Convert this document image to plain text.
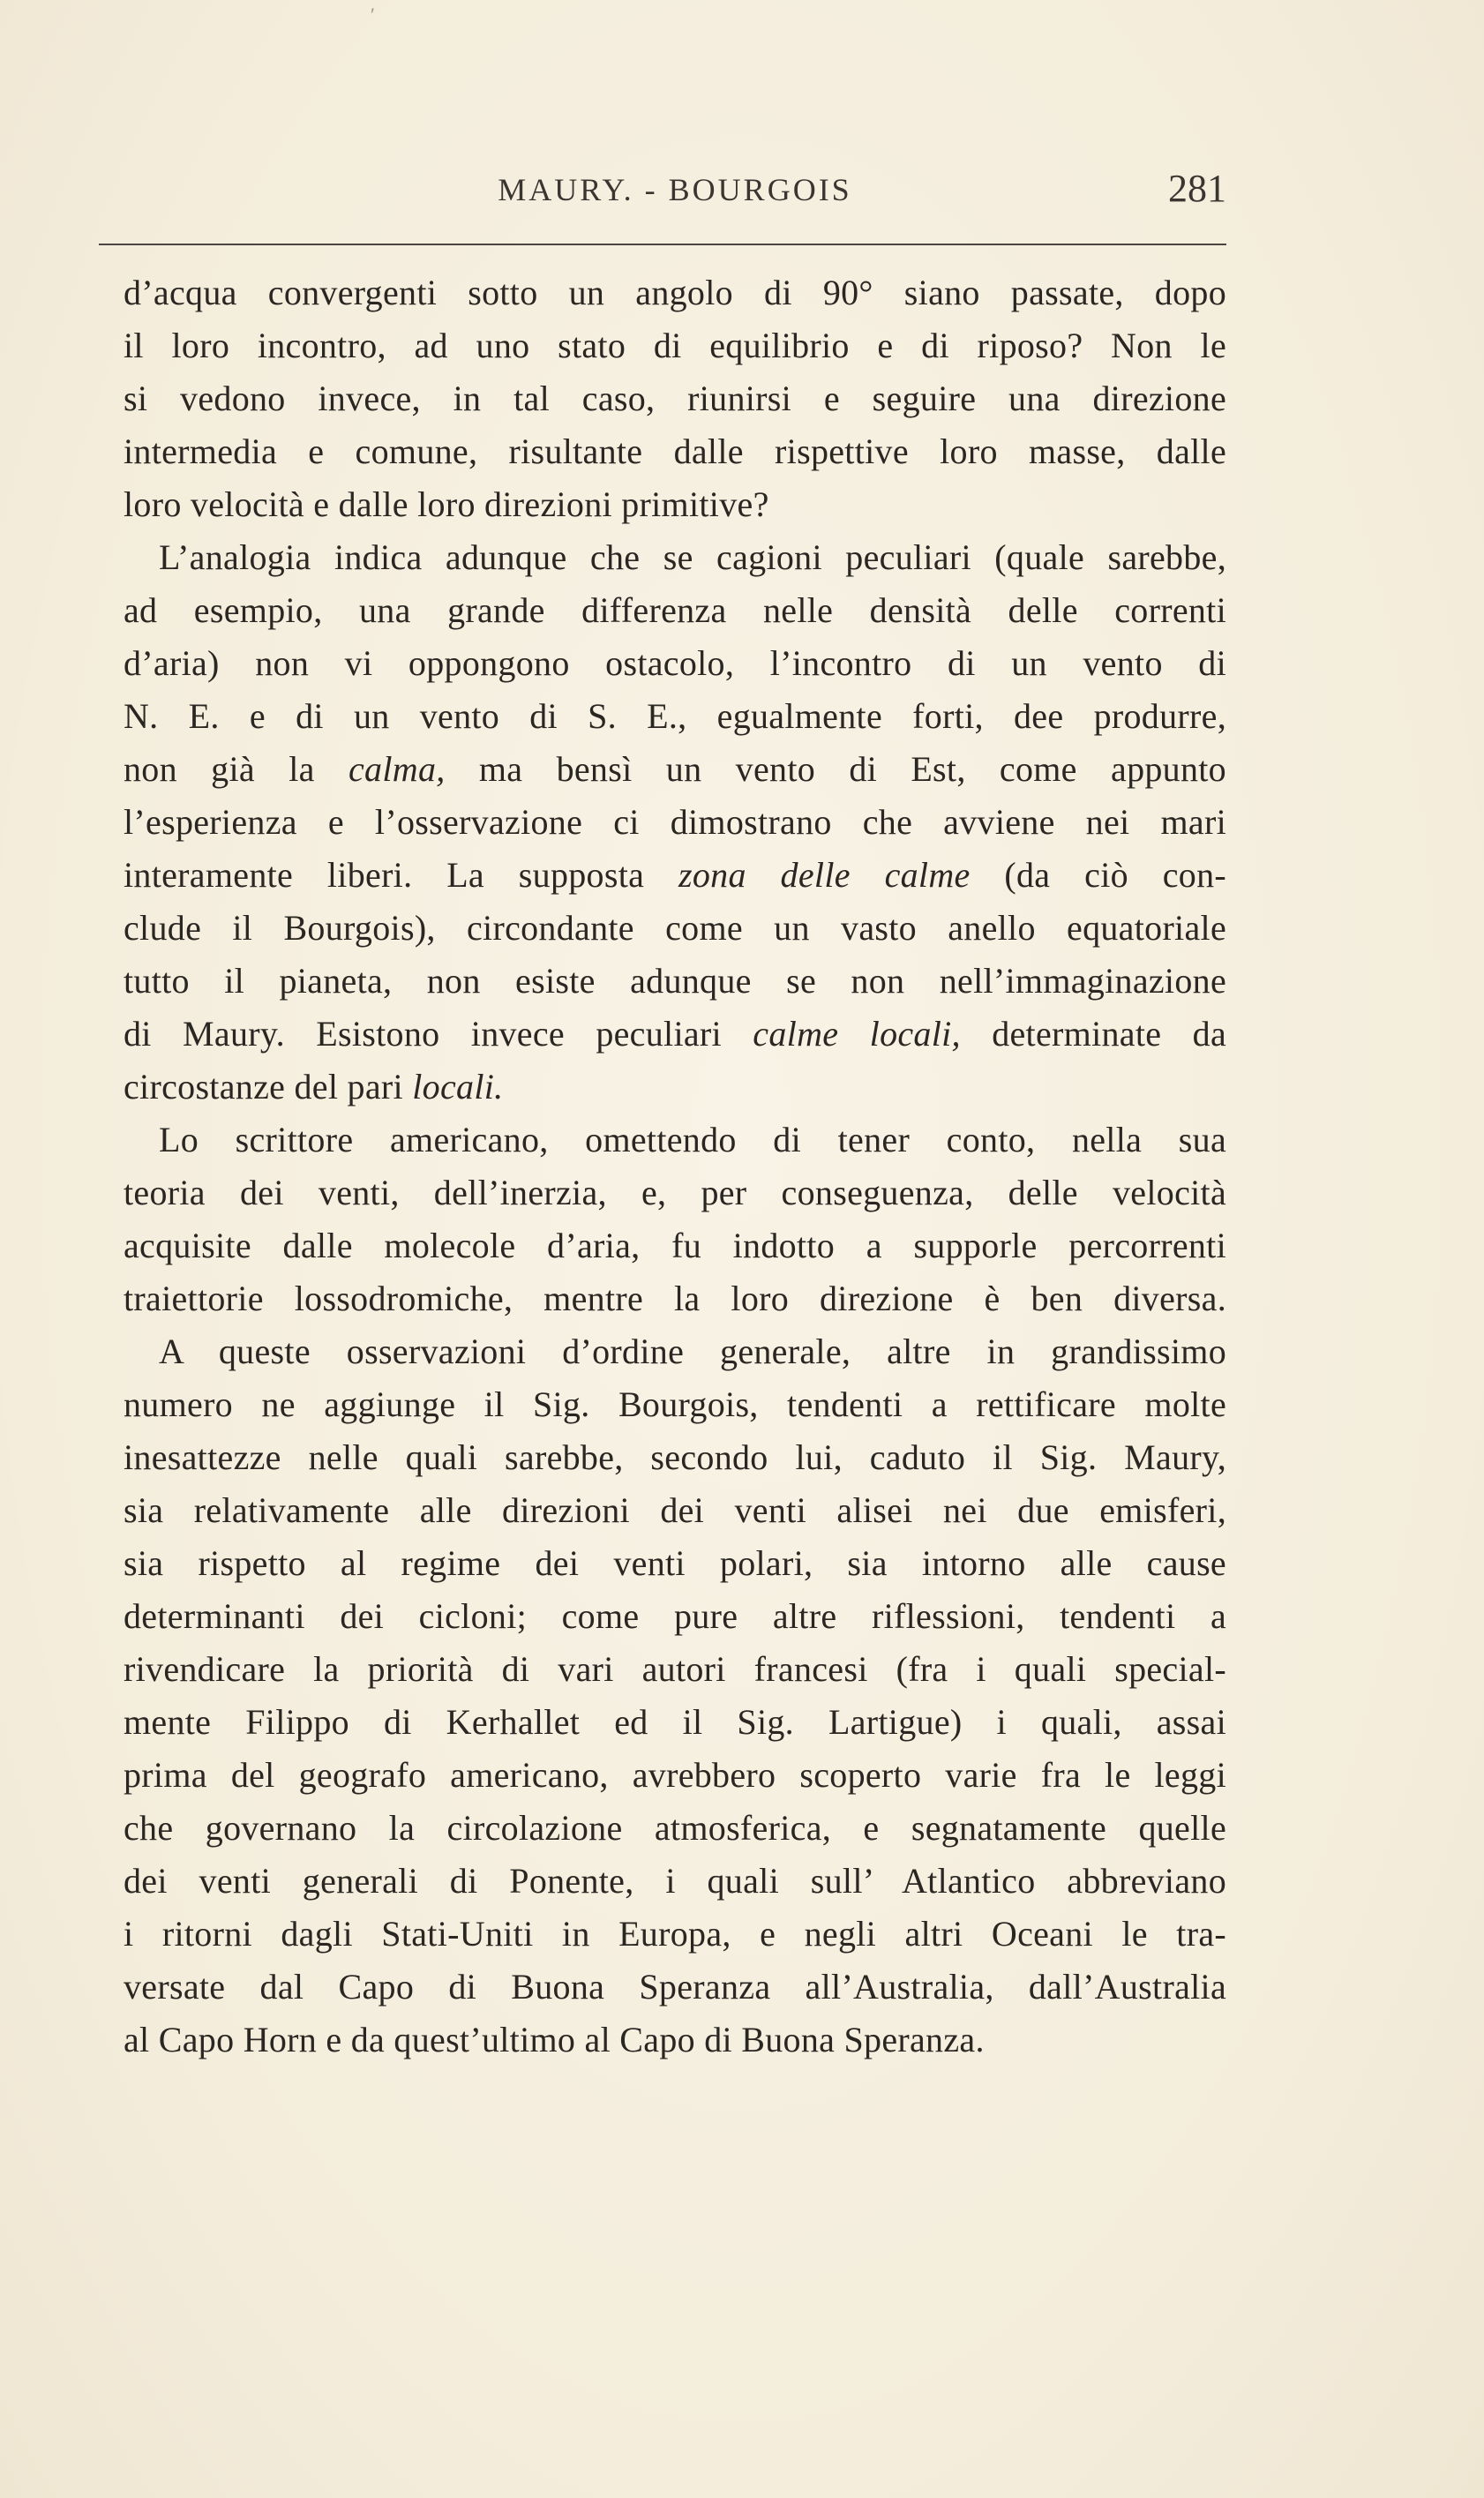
′
MAURY. - BOURGOIS	281
d’acqua convergenti sotto un angolo di 90° siano passate, dopo
il loro incontro, ad uno stato di equilibrio e di riposo? Non le
si vedono invece, in tal caso, riunirsi e seguire una direzione
intermedia e comune, risultante dalle rispettive loro masse, dalle
loro velocità e dalle loro direzioni primitive?
L’analogia indica adunque che se cagioni peculiari (quale sarebbe,
ad esempio, una grande differenza nelle densità delle correnti
d’aria) non vi oppongono ostacolo, l’incontro di un vento di
N. E. e di un vento di S. E., egualmente forti, dee produrre,
non già la calma, ma bensì un vento di Est, come appunto
l’esperienza e l’osservazione ci dimostrano che avviene nei mari
interamente liberi. La supposta zona delle calme (da ciò con-
clude il Bourgois), circondante come un vasto anello equatoriale
tutto il pianeta, non esiste adunque se non nell’immaginazione
di Maury. Esistono invece peculiari calme locali, determinate da
circostanze del pari locali.
Lo scrittore americano, omettendo di tener conto, nella sua
teoria dei venti, dell’inerzia, e, per conseguenza, delle velocità
acquisite dalle molecole d’aria, fu indotto a supporle percorrenti
traiettorie lossodromiche, mentre la loro direzione è ben diversa.
A queste osservazioni d’ordine generale, altre in grandissimo
numero ne aggiunge il Sig. Bourgois, tendenti a rettificare molte
inesattezze nelle quali sarebbe, secondo lui, caduto il Sig. Maury,
sia relativamente alle direzioni dei venti alisei nei due emisferi,
sia rispetto al regime dei venti polari, sia intorno alle cause
determinanti dei cicloni; come pure altre riflessioni, tendenti a
rivendicare la priorità di vari autori francesi (fra i quali special-
mente Filippo di Kerhallet ed il Sig. Lartigue) i quali, assai
prima del geografo americano, avrebbero scoperto varie fra le leggi
che governano la circolazione atmosferica, e segnatamente quelle
dei venti generali di Ponente, i quali sull’ Atlantico abbreviano
i ritorni dagli Stati-Uniti in Europa, e negli altri Oceani le tra-
versate dal Capo di Buona Speranza all’Australia, dall’Australia
al Capo Horn e da quest’ultimo al Capo di Buona Speranza.
